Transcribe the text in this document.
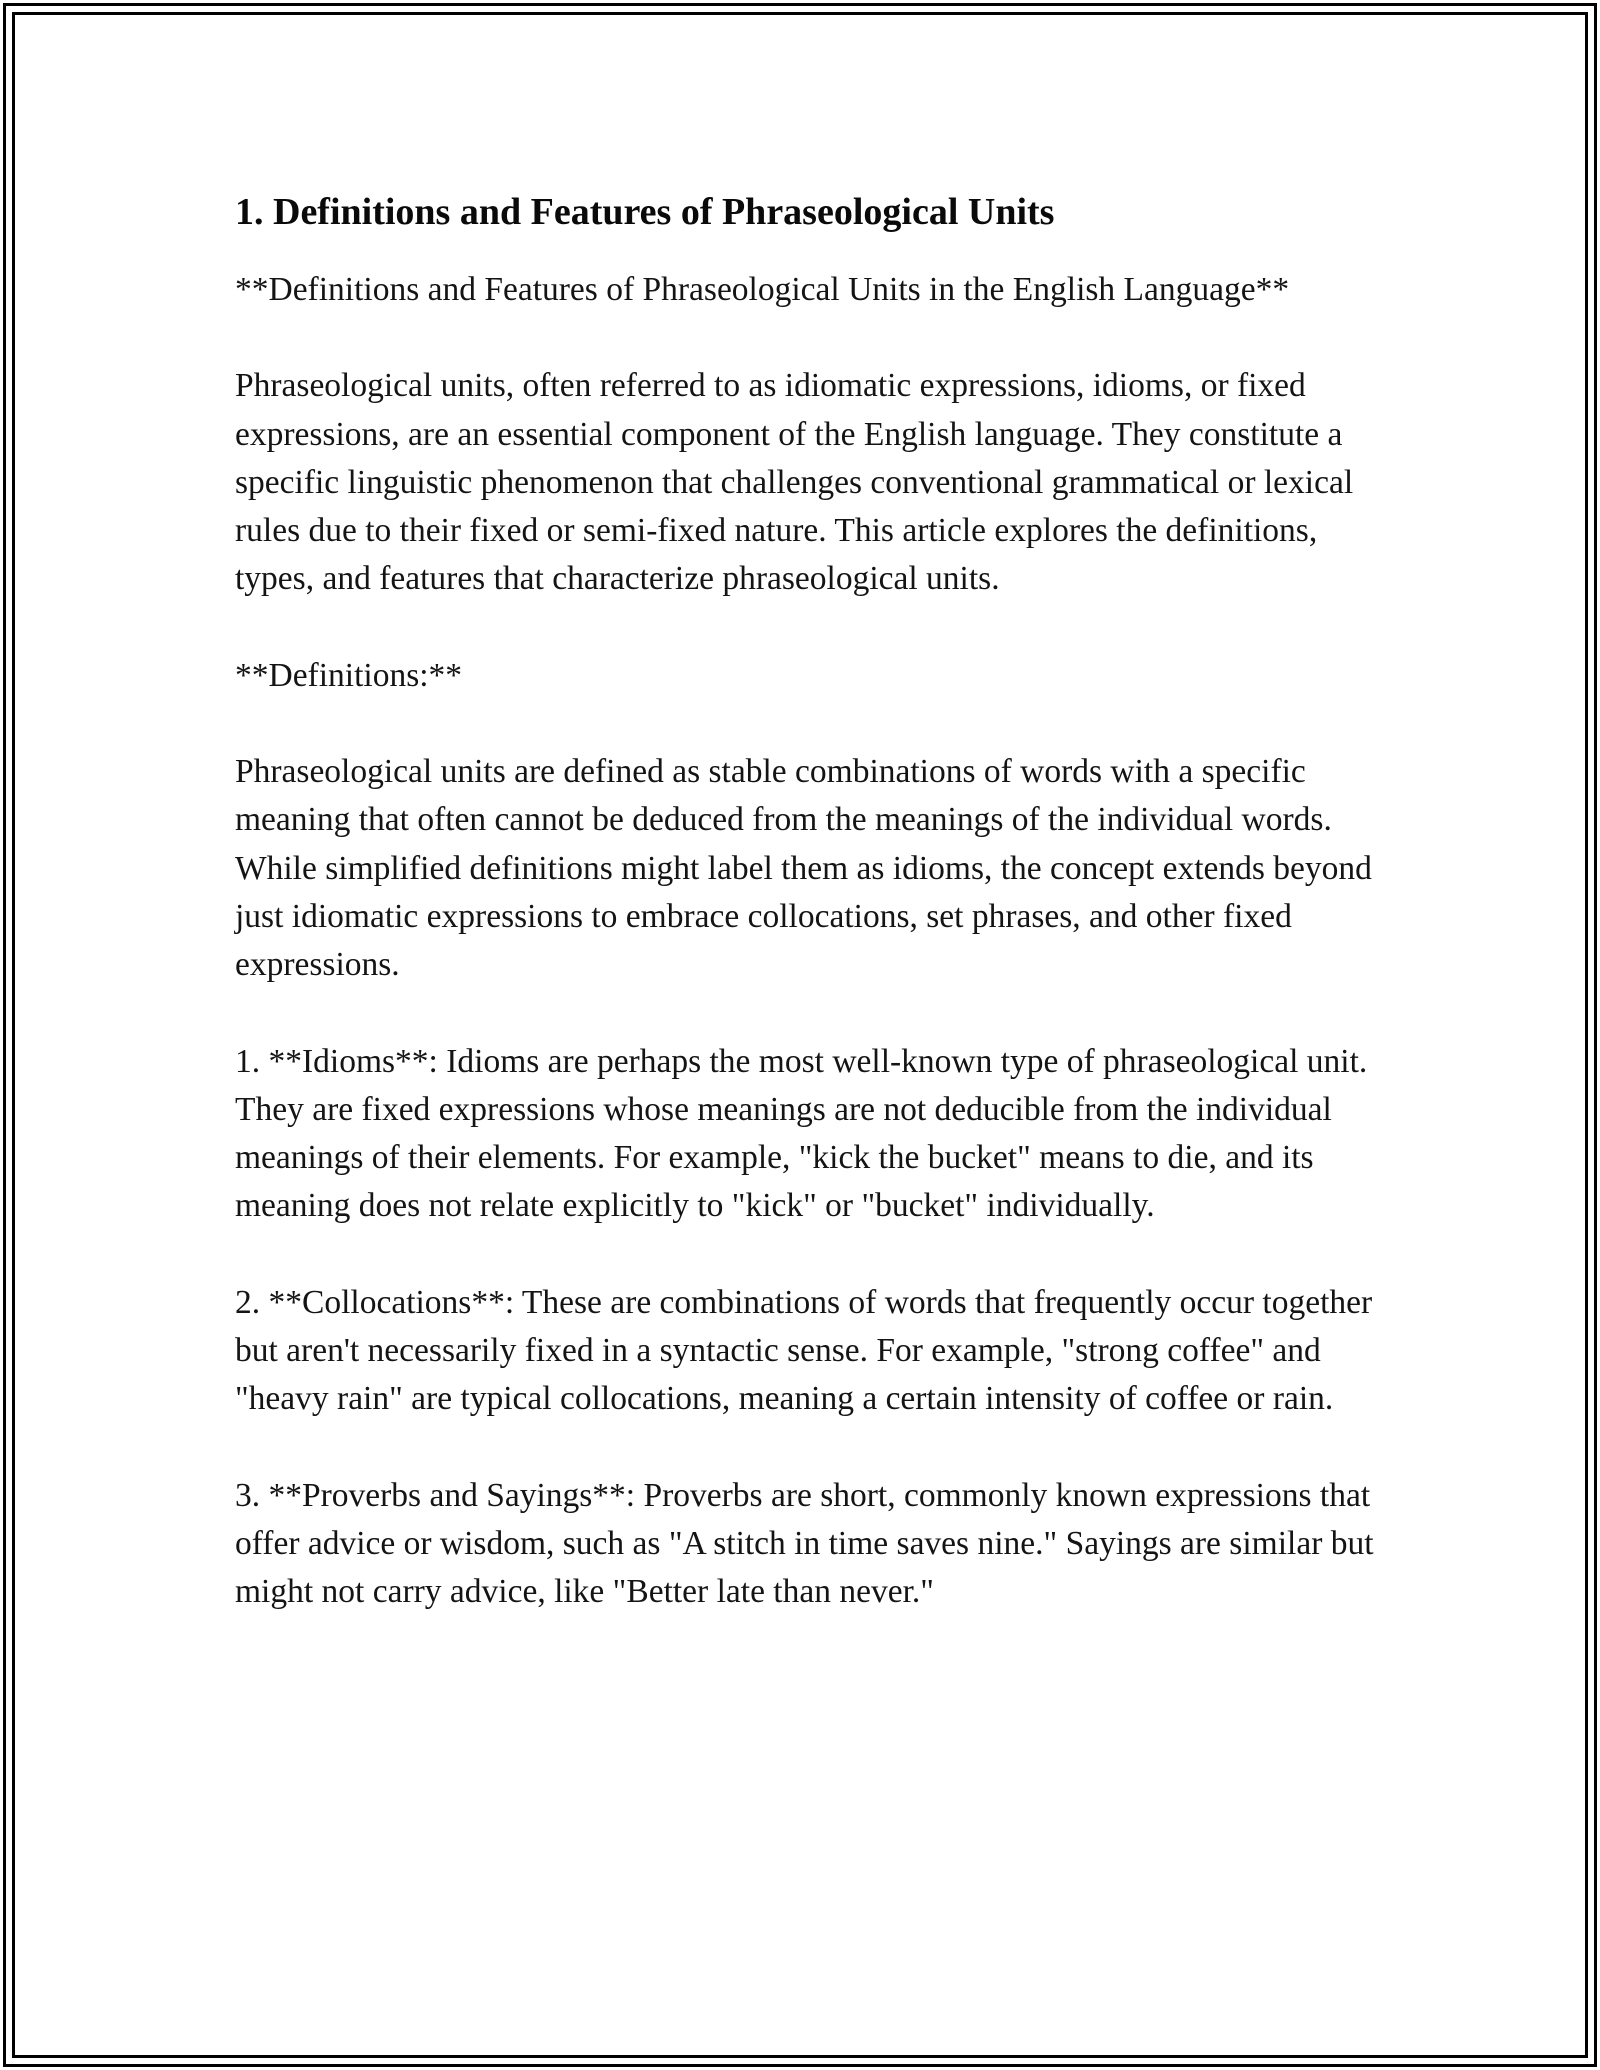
1. Definitions and Features of Phraseological Units

**Definitions and Features of Phraseological Units in the English Language**

Phraseological units, often referred to as idiomatic expressions, idioms, or fixed expressions, are an essential component of the English language. They constitute a specific linguistic phenomenon that challenges conventional grammatical or lexical rules due to their fixed or semi-fixed nature. This article explores the definitions, types, and features that characterize phraseological units.

**Definitions:**

Phraseological units are defined as stable combinations of words with a specific meaning that often cannot be deduced from the meanings of the individual words. While simplified definitions might label them as idioms, the concept extends beyond just idiomatic expressions to embrace collocations, set phrases, and other fixed expressions.

1. **Idioms**: Idioms are perhaps the most well-known type of phraseological unit. They are fixed expressions whose meanings are not deducible from the individual meanings of their elements. For example, "kick the bucket" means to die, and its meaning does not relate explicitly to "kick" or "bucket" individually.

2. **Collocations**: These are combinations of words that frequently occur together but aren't necessarily fixed in a syntactic sense. For example, "strong coffee" and "heavy rain" are typical collocations, meaning a certain intensity of coffee or rain.

3. **Proverbs and Sayings**: Proverbs are short, commonly known expressions that offer advice or wisdom, such as "A stitch in time saves nine." Sayings are similar but might not carry advice, like "Better late than never."
